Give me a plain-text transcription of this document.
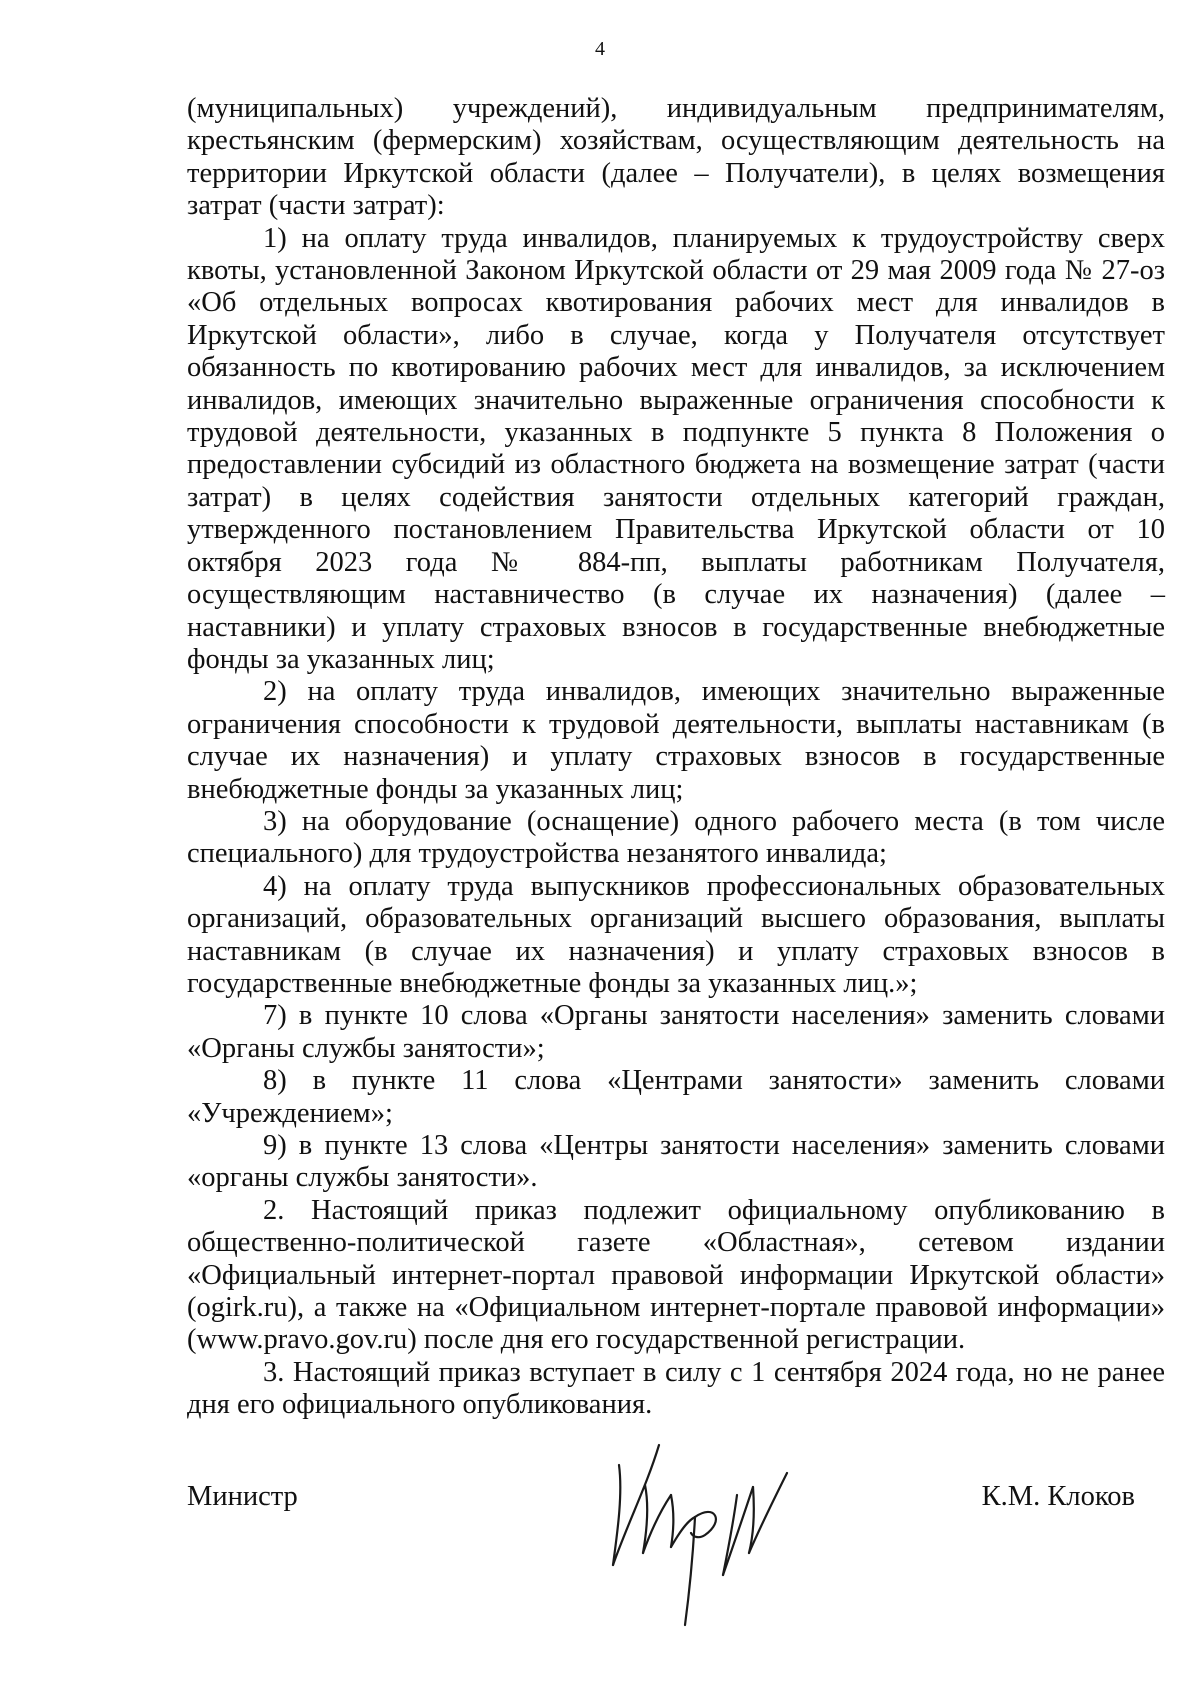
4

(муниципальных) учреждений), индивидуальным предпринимателям, крестьянским (фермерским) хозяйствам, осуществляющим деятельность на территории Иркутской области (далее – Получатели), в целях возмещения затрат (части затрат):

1) на оплату труда инвалидов, планируемых к трудоустройству сверх квоты, установленной Законом Иркутской области от 29 мая 2009 года № 27-оз «Об отдельных вопросах квотирования рабочих мест для инвалидов в Иркутской области», либо в случае, когда у Получателя отсутствует обязанность по квотированию рабочих мест для инвалидов, за исключением инвалидов, имеющих значительно выраженные ограничения способности к трудовой деятельности, указанных в подпункте 5 пункта 8 Положения о предоставлении субсидий из областного бюджета на возмещение затрат (части затрат) в целях содействия занятости отдельных категорий граждан, утвержденного постановлением Правительства Иркутской области от 10 октября 2023 года № 884-пп, выплаты работникам Получателя, осуществляющим наставничество (в случае их назначения) (далее – наставники) и уплату страховых взносов в государственные внебюджетные фонды за указанных лиц;

2) на оплату труда инвалидов, имеющих значительно выраженные ограничения способности к трудовой деятельности, выплаты наставникам (в случае их назначения) и уплату страховых взносов в государственные внебюджетные фонды за указанных лиц;

3) на оборудование (оснащение) одного рабочего места (в том числе специального) для трудоустройства незанятого инвалида;

4) на оплату труда выпускников профессиональных образовательных организаций, образовательных организаций высшего образования, выплаты наставникам (в случае их назначения) и уплату страховых взносов в государственные внебюджетные фонды за указанных лиц.»;

7) в пункте 10 слова «Органы занятости населения» заменить словами «Органы службы занятости»;

8) в пункте 11 слова «Центрами занятости» заменить словами «Учреждением»;

9) в пункте 13 слова «Центры занятости населения» заменить словами «органы службы занятости».

2. Настоящий приказ подлежит официальному опубликованию в общественно-политической газете «Областная», сетевом издании «Официальный интернет-портал правовой информации Иркутской области» (ogirk.ru), а также на «Официальном интернет-портале правовой информации» (www.pravo.gov.ru) после дня его государственной регистрации.

3. Настоящий приказ вступает в силу с 1 сентября 2024 года, но не ранее дня его официального опубликования.

Министр	К.М. Клоков
